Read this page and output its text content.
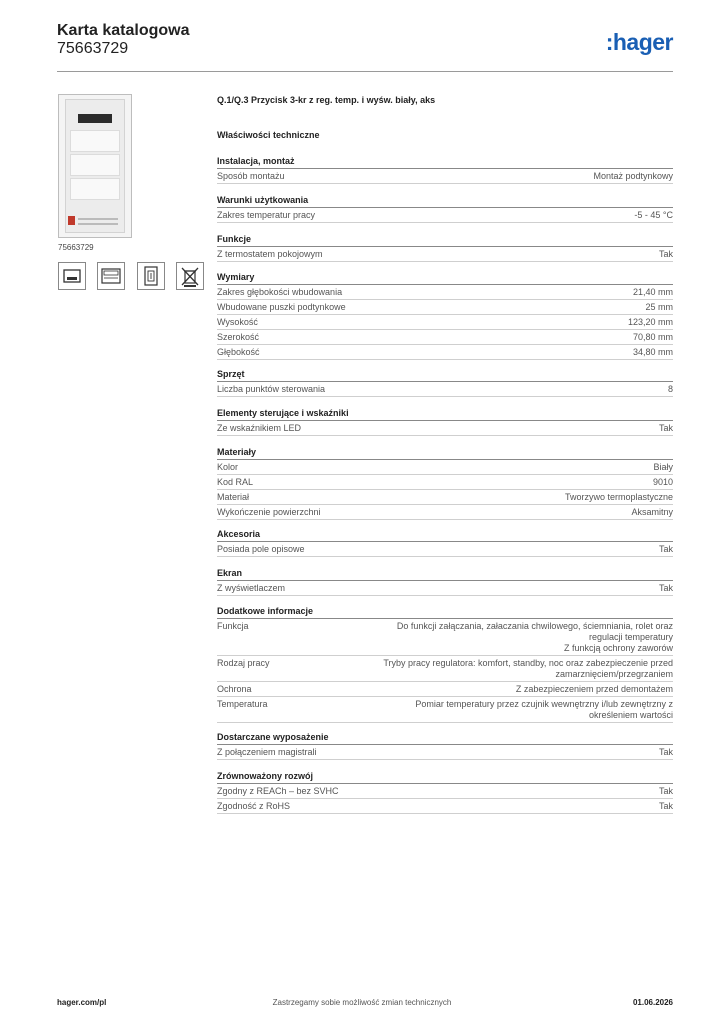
Karta katalogowa

75663729	:hager
75663729
Q.1/Q.3 Przycisk 3-kr z reg. temp. i wyśw. biały, aks
Właściwości techniczne
Instalacja, montaż
Sposób montażu	Montaż podtynkowy
Warunki użytkowania
Zakres temperatur pracy	-5 - 45 °C
Funkcje
Z termostatem pokojowym	Tak
Wymiary
Zakres głębokości wbudowania	21,40 mm
Wbudowane puszki podtynkowe	25 mm
Wysokość	123,20 mm
Szerokość	70,80 mm
Głębokość	34,80 mm
Sprzęt
Liczba punktów sterowania	8
Elementy sterujące i wskaźniki
Ze wskaźnikiem LED	Tak
Materiały
Kolor	Biały
Kod RAL	9010
Materiał	Tworzywo termoplastyczne
Wykończenie powierzchni	Aksamitny
Akcesoria
Posiada pole opisowe	Tak
Ekran
Z wyświetlaczem	Tak
Dodatkowe informacje
Funkcja	Do funkcji załączania, załaczania chwilowego, ściemniania, rolet oraz
regulacji temperatury
Z funkcją ochrony zaworów
Rodzaj pracy	Tryby pracy regulatora: komfort, standby, noc oraz zabezpieczenie przed
zamarznięciem/przegrzaniem
Ochrona	Z zabezpieczeniem przed demontażem
Temperatura	Pomiar temperatury przez czujnik wewnętrzny i/lub zewnętrzny z
określeniem wartości
Dostarczane wyposażenie
Z połączeniem magistrali	Tak
Zrównoważony rozwój
Zgodny z REACh – bez SVHC	Tak
Zgodność z RoHS	Tak
hager.com/pl	Zastrzegamy sobie możliwość zmian technicznych	01.06.2026
